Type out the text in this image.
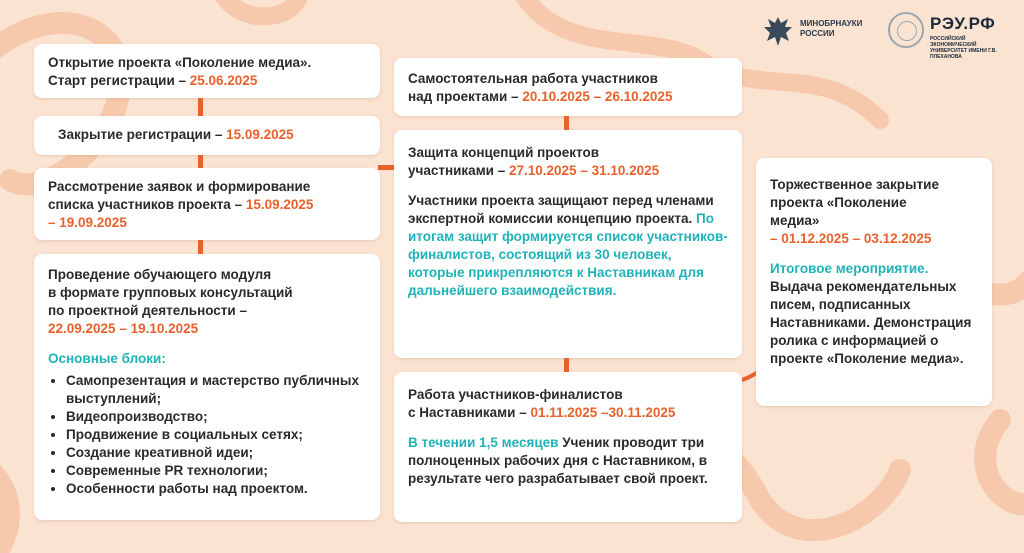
МИНОБРНАУКИ РОССИИ
РЭУ.РФ
РОССИЙСКИЙ ЭКОНОМИЧЕСКИЙ УНИВЕРСИТЕТ ИМЕНИ Г.В. ПЛЕХАНОВА
Открытие проекта «Поколение медиа».
Старт регистрации – 25.06.2025
Закрытие регистрации – 15.09.2025
Рассмотрение заявок и формирование
списка участников проекта – 15.09.2025
– 19.09.2025
Проведение обучающего модуля
в формате групповых консультаций
по проектной деятельности –
22.09.2025 – 19.10.2025
Основные блоки:
• Самопрезентация и мастерство публичных выступлений;
• Видеопроизводство;
• Продвижение в социальных сетях;
• Создание креативной идеи;
• Современные PR технологии;
• Особенности работы над проектом.
Самостоятельная работа участников
над проектами – 20.10.2025 – 26.10.2025
Защита концепций проектов
участниками – 27.10.2025 – 31.10.2025
Участники проекта защищают перед членами экспертной комиссии концепцию проекта. По итогам защит формируется список участников-финалистов, состоящий из 30 человек, которые прикрепляются к Наставникам для дальнейшего взаимодействия.
Работа участников-финалистов
с Наставниками – 01.11.2025 –30.11.2025
В течении 1,5 месяцев Ученик проводит три полноценных рабочих дня с Наставником, в результате чего разрабатывает свой проект.
Торжественное закрытие
проекта «Поколение
медиа»
– 01.12.2025 – 03.12.2025
Итоговое мероприятие.
Выдача рекомендательных писем, подписанных Наставниками. Демонстрация ролика с информацией о проекте «Поколение медиа».
